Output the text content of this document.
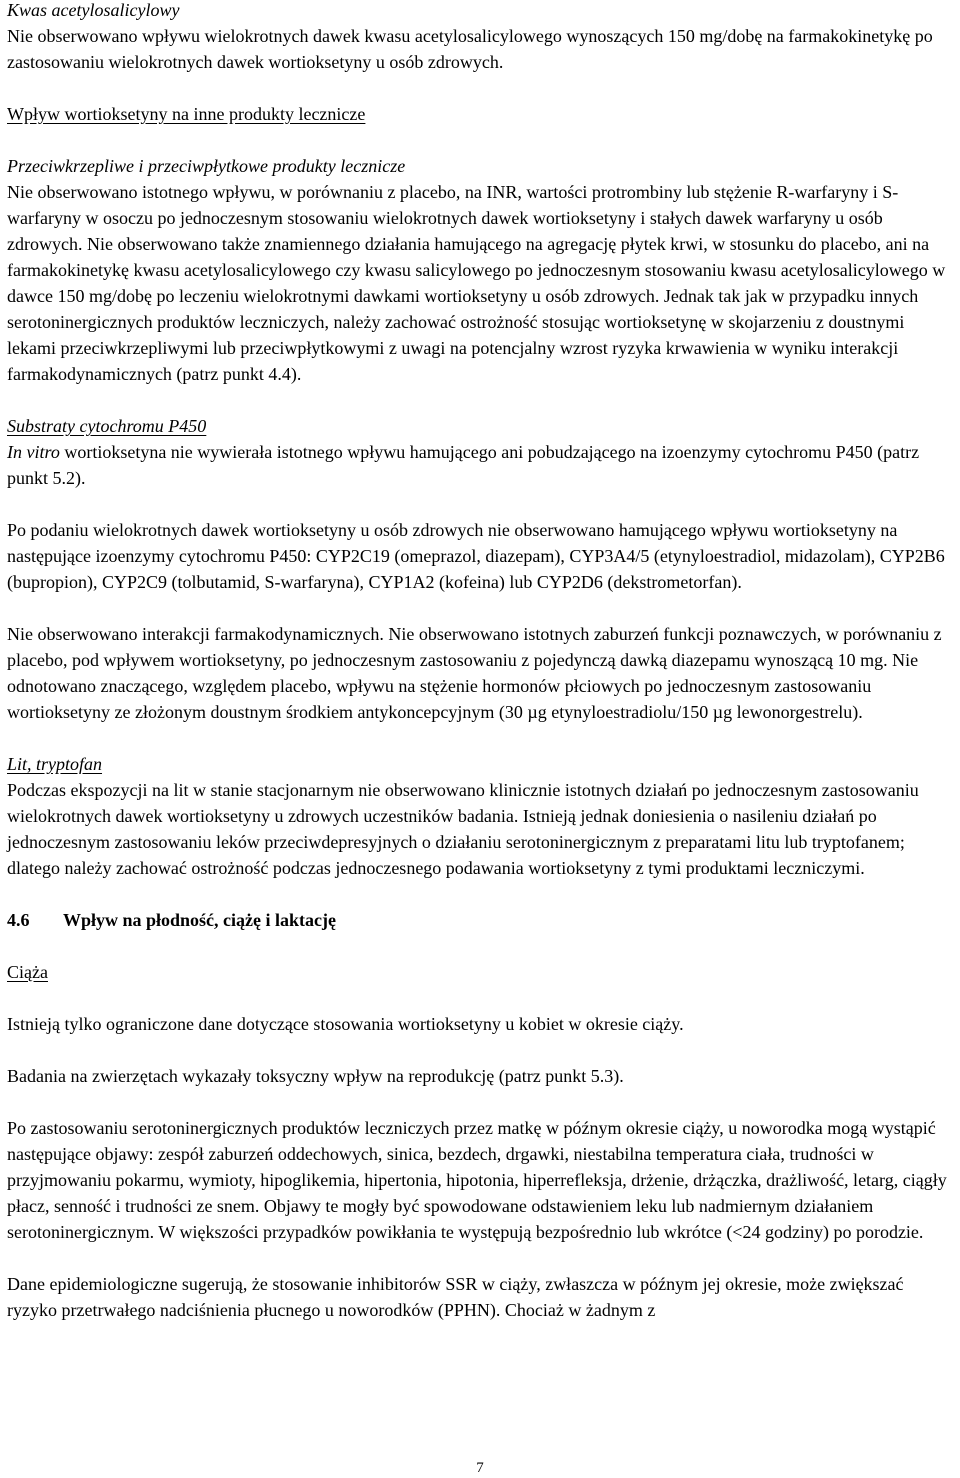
Kwas acetylosalicylowy

Nie obserwowano wpływu wielokrotnych dawek kwasu acetylosalicylowego wynoszących 150 mg/dobę na farmakokinetykę po zastosowaniu wielokrotnych dawek wortioksetyny u osób zdrowych.

Wpływ wortioksetyny na inne produkty lecznicze

Przeciwkrzepliwe i przeciwpłytkowe produkty lecznicze

Nie obserwowano istotnego wpływu, w porównaniu z placebo, na INR, wartości protrombiny lub stężenie R-warfaryny i S-warfaryny w osoczu po jednoczesnym stosowaniu wielokrotnych dawek wortioksetyny i stałych dawek warfaryny u osób zdrowych. Nie obserwowano także znamiennego działania hamującego na agregację płytek krwi, w stosunku do placebo, ani na farmakokinetykę kwasu acetylosalicylowego czy kwasu salicylowego po jednoczesnym stosowaniu kwasu acetylosalicylowego w dawce 150 mg/dobę po leczeniu wielokrotnymi dawkami wortioksetyny u osób zdrowych. Jednak tak jak w przypadku innych serotoninergicznych produktów leczniczych, należy zachować ostrożność stosując wortioksetynę w skojarzeniu z doustnymi lekami przeciwkrzepliwymi lub przeciwpłytkowymi z uwagi na potencjalny wzrost ryzyka krwawienia w wyniku interakcji farmakodynamicznych (patrz punkt 4.4).

Substraty cytochromu P450

In vitro wortioksetyna nie wywierała istotnego wpływu hamującego ani pobudzającego na izoenzymy cytochromu P450 (patrz punkt 5.2).

Po podaniu wielokrotnych dawek wortioksetyny u osób zdrowych nie obserwowano hamującego wpływu wortioksetyny na następujące izoenzymy cytochromu P450: CYP2C19 (omeprazol, diazepam), CYP3A4/5 (etynyloestradiol, midazolam), CYP2B6 (bupropion), CYP2C9 (tolbutamid, S-warfaryna), CYP1A2 (kofeina) lub CYP2D6 (dekstrometorfan).

Nie obserwowano interakcji farmakodynamicznych. Nie obserwowano istotnych zaburzeń funkcji poznawczych, w porównaniu z placebo, pod wpływem wortioksetyny, po jednoczesnym zastosowaniu z pojedynczą dawką diazepamu wynoszącą 10 mg. Nie odnotowano znaczącego, względem placebo, wpływu na stężenie hormonów płciowych po jednoczesnym zastosowaniu wortioksetyny ze złożonym doustnym środkiem antykoncepcyjnym (30 µg etynyloestradiolu/150 µg lewonorgestrelu).

Lit, tryptofan

Podczas ekspozycji na lit w stanie stacjonarnym nie obserwowano klinicznie istotnych działań po jednoczesnym zastosowaniu wielokrotnych dawek wortioksetyny u zdrowych uczestników badania. Istnieją jednak doniesienia o nasileniu działań po jednoczesnym zastosowaniu leków przeciwdepresyjnych o działaniu serotoninergicznym z preparatami litu lub tryptofanem; dlatego należy zachować ostrożność podczas jednoczesnego podawania wortioksetyny z tymi produktami leczniczymi.

4.6 Wpływ na płodność, ciążę i laktację

Ciąża

Istnieją tylko ograniczone dane dotyczące stosowania wortioksetyny u kobiet w okresie ciąży.

Badania na zwierzętach wykazały toksyczny wpływ na reprodukcję (patrz punkt 5.3).

Po zastosowaniu serotoninergicznych produktów leczniczych przez matkę w późnym okresie ciąży, u noworodka mogą wystąpić następujące objawy: zespół zaburzeń oddechowych, sinica, bezdech, drgawki, niestabilna temperatura ciała, trudności w przyjmowaniu pokarmu, wymioty, hipoglikemia, hipertonia, hipotonia, hiperrefleksja, drżenie, drżączka, drażliwość, letarg, ciągły płacz, senność i trudności ze snem. Objawy te mogły być spowodowane odstawieniem leku lub nadmiernym działaniem serotoninergicznym. W większości przypadków powikłania te występują bezpośrednio lub wkrótce (<24 godziny) po porodzie.

Dane epidemiologiczne sugerują, że stosowanie inhibitorów SSR w ciąży, zwłaszcza w późnym jej okresie, może zwiększać ryzyko przetrwałego nadciśnienia płucnego u noworodków (PPHN). Chociaż w żadnym z

7
